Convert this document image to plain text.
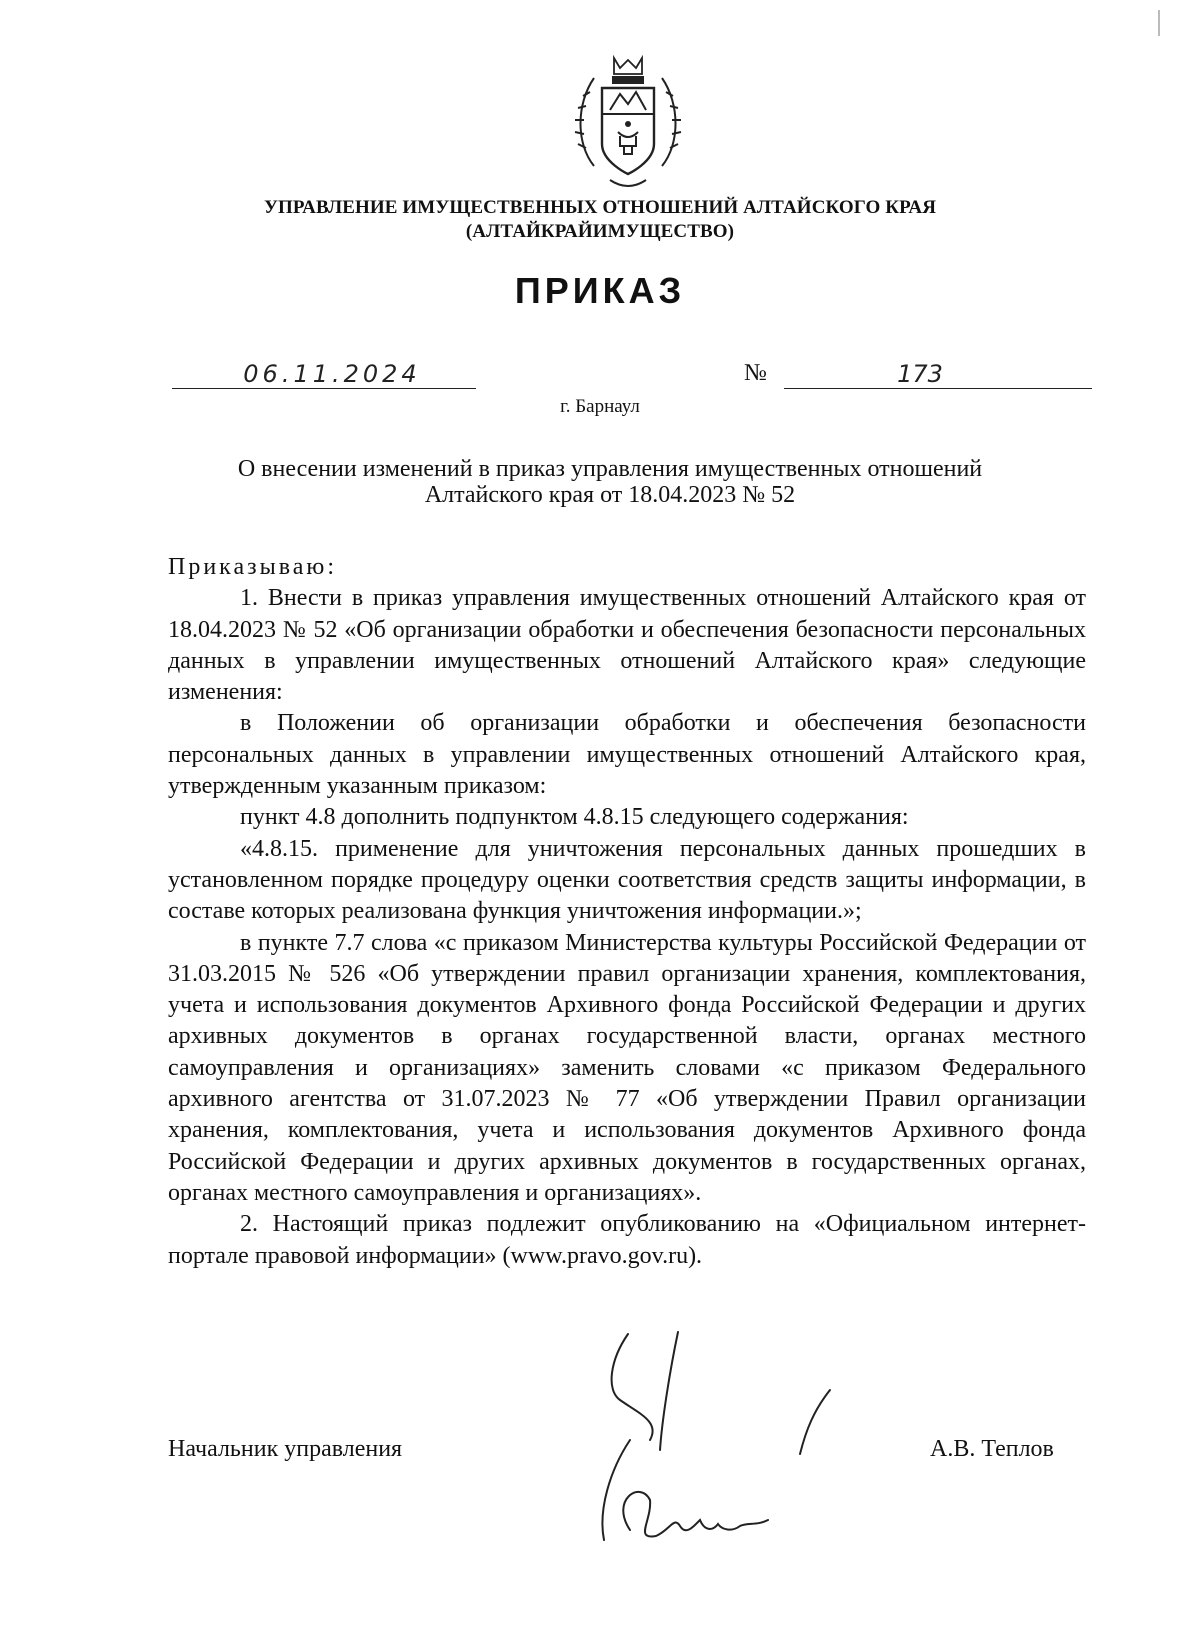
УПРАВЛЕНИЕ ИМУЩЕСТВЕННЫХ ОТНОШЕНИЙ АЛТАЙСКОГО КРАЯ
(АЛТАЙКРАЙИМУЩЕСТВО)
ПРИКАЗ
06.11.2024	№	173
г. Барнаул
О внесении изменений в приказ управления имущественных отношений
Алтайского края от 18.04.2023 № 52

Приказываю:

1. Внести в приказ управления имущественных отношений Алтайского края от 18.04.2023 № 52 «Об организации обработки и обеспечения безопасности персональных данных в управлении имущественных отношений Алтайского края» следующие изменения:

в Положении об организации обработки и обеспечения безопасности персональных данных в управлении имущественных отношений Алтайского края, утвержденным указанным приказом:

пункт 4.8 дополнить подпунктом 4.8.15 следующего содержания:

«4.8.15. применение для уничтожения персональных данных прошедших в установленном порядке процедуру оценки соответствия средств защиты информации, в составе которых реализована функция уничтожения информации.»;

в пункте 7.7 слова «с приказом Министерства культуры Российской Федерации от 31.03.2015 № 526 «Об утверждении правил организации хранения, комплектования, учета и использования документов Архивного фонда Российской Федерации и других архивных документов в органах государственной власти, органах местного самоуправления и организациях» заменить словами «с приказом Федерального архивного агентства от 31.07.2023 № 77 «Об утверждении Правил организации хранения, комплектования, учета и использования документов Архивного фонда Российской Федерации и других архивных документов в государственных органах, органах местного самоуправления и организациях».

2. Настоящий приказ подлежит опубликованию на «Официальном интернет-портале правовой информации» (www.pravo.gov.ru).

Начальник управления	А.В. Теплов
